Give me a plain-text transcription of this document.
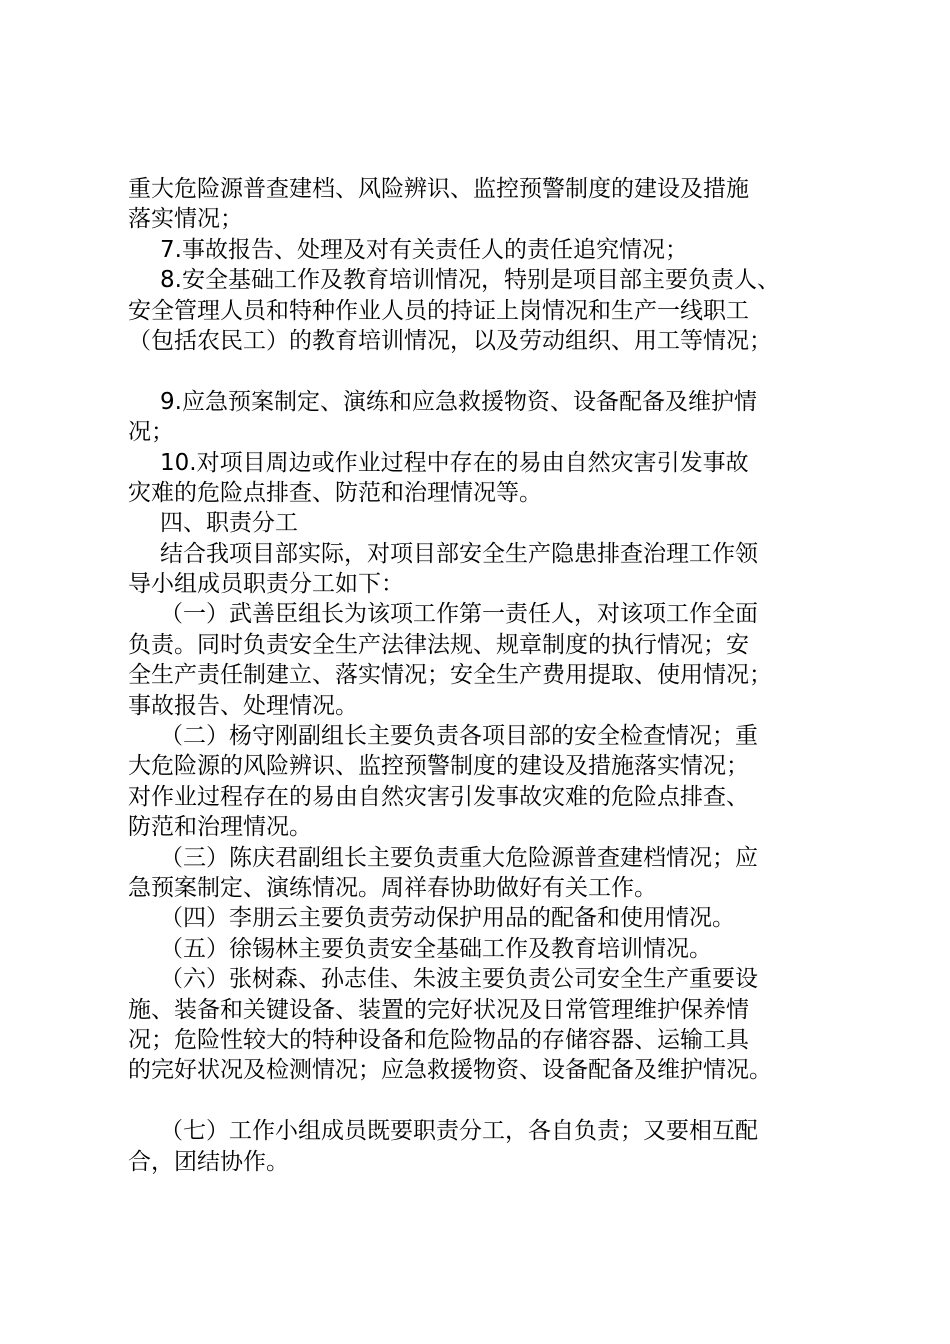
重大危险源普查建档、风险辨识、监控预警制度的建设及措施
落实情况；
7.事故报告、处理及对有关责任人的责任追究情况；
8.安全基础工作及教育培训情况，特别是项目部主要负责人、
安全管理人员和特种作业人员的持证上岗情况和生产一线职工
（包括农民工）的教育培训情况，以及劳动组织、用工等情况；
9.应急预案制定、演练和应急救援物资、设备配备及维护情
况；
10.对项目周边或作业过程中存在的易由自然灾害引发事故
灾难的危险点排查、防范和治理情况等。
四、职责分工
结合我项目部实际，对项目部安全生产隐患排查治理工作领
导小组成员职责分工如下：
（一）武善臣组长为该项工作第一责任人，对该项工作全面
负责。同时负责安全生产法律法规、规章制度的执行情况；安
全生产责任制建立、落实情况；安全生产费用提取、使用情况；
事故报告、处理情况。
（二）杨守刚副组长主要负责各项目部的安全检查情况；重
大危险源的风险辨识、监控预警制度的建设及措施落实情况；
对作业过程存在的易由自然灾害引发事故灾难的危险点排查、
防范和治理情况。
（三）陈庆君副组长主要负责重大危险源普查建档情况；应
急预案制定、演练情况。周祥春协助做好有关工作。
（四）李朋云主要负责劳动保护用品的配备和使用情况。
（五）徐锡林主要负责安全基础工作及教育培训情况。
（六）张树森、孙志佳、朱波主要负责公司安全生产重要设
施、装备和关键设备、装置的完好状况及日常管理维护保养情
况；危险性较大的特种设备和危险物品的存储容器、运输工具
的完好状况及检测情况；应急救援物资、设备配备及维护情况。
（七）工作小组成员既要职责分工，各自负责；又要相互配
合，团结协作。
